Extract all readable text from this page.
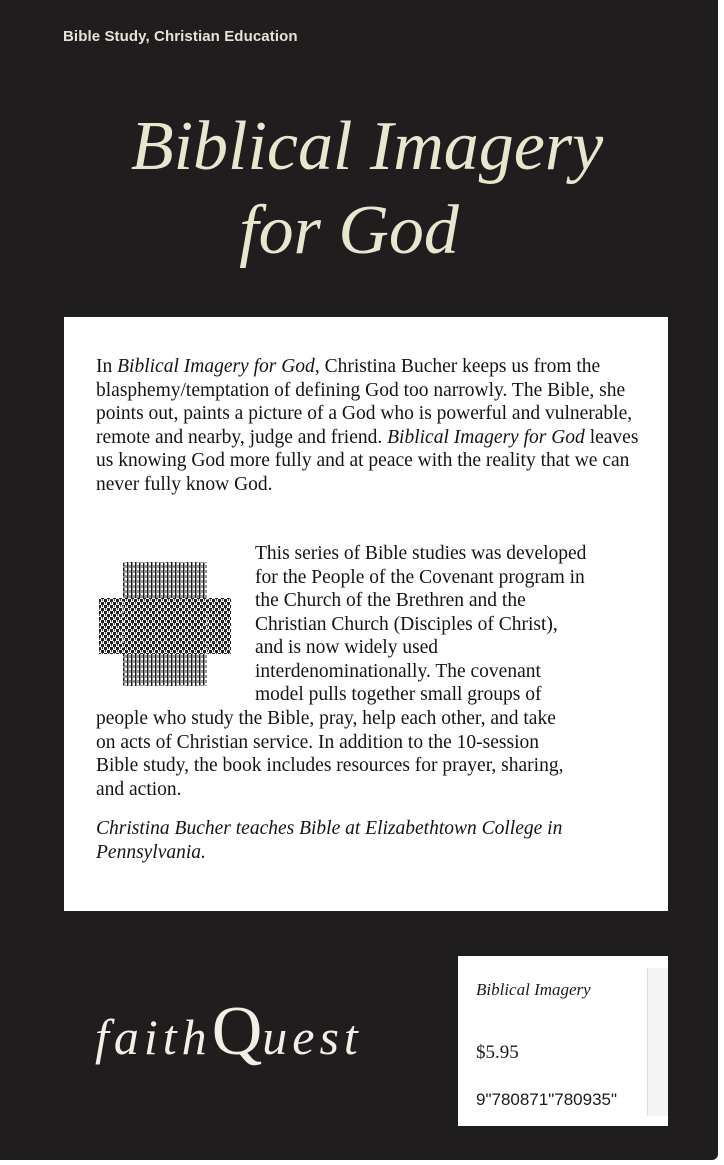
Bible Study, Christian Education
Biblical Imagery
for God
In Biblical Imagery for God, Christina Bucher keeps us from the blasphemy/temptation of defining God too narrowly. The Bible, she points out, paints a picture of a God who is powerful and vulnerable, remote and nearby, judge and friend. Biblical Imagery for God leaves us knowing God more fully and at peace with the reality that we can never fully know God.
This series of Bible studies was developed
for the People of the Covenant program in
the Church of the Brethren and the
Christian Church (Disciples of Christ),
and is now widely used
interdenominationally. The covenant
model pulls together small groups of
people who study the Bible, pray, help each other, and take
on acts of Christian service. In addition to the 10-session
Bible study, the book includes resources for prayer, sharing,
and action.
Christina Bucher teaches Bible at Elizabethtown College in Pennsylvania.
faithQuest
Biblical Imagery
$5.95
9"780871"780935"
